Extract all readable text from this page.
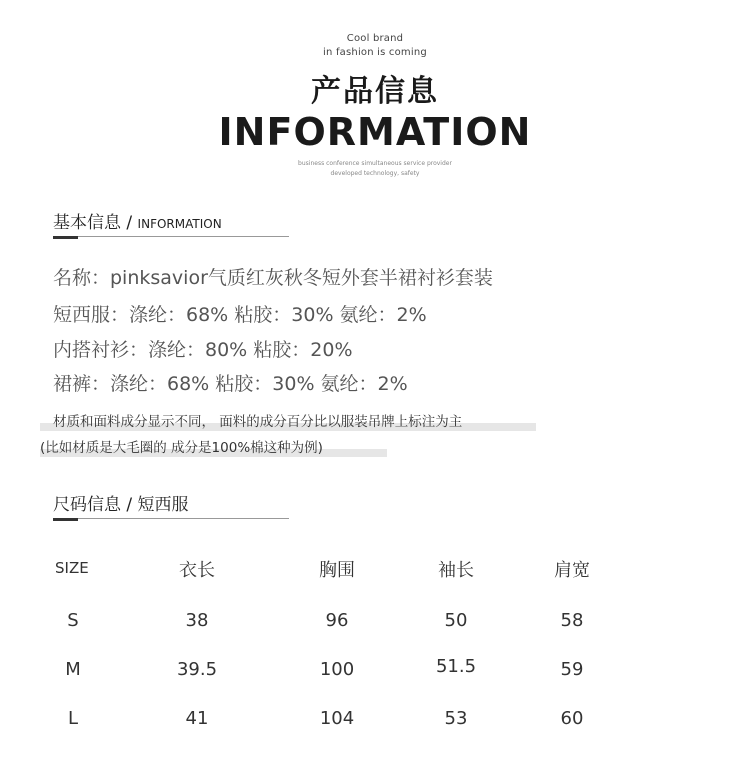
Cool brand
in fashion is coming
产品信息
INFORMATION
business conference simultaneous service provider
developed technology, safety
基本信息 / INFORMATION
名称：pinksavior气质红灰秋冬短外套半裙衬衫套装
短西服：涤纶：68% 粘胶：30% 氨纶：2%
内搭衬衫：涤纶：80% 粘胶：20%
裙裤：涤纶：68% 粘胶：30% 氨纶：2%
材质和面料成分显示不同， 面料的成分百分比以服装吊牌上标注为主
(比如材质是大毛圈的 成分是100%棉这种为例)
尺码信息 / 短西服
SIZE	衣长	胸围	袖长	肩宽
S	38	96	50	58
M	39.5	100	51.5	59
L	41	104	53	60
